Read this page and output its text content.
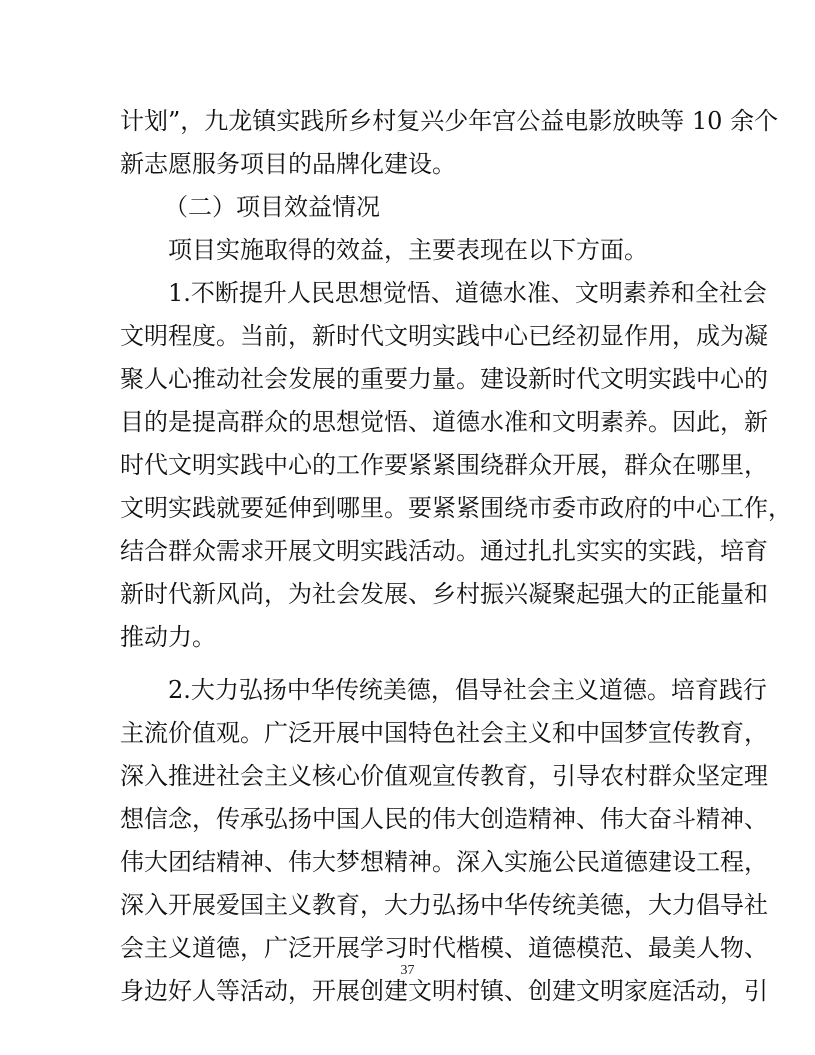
计划”，九龙镇实践所乡村复兴少年宫公益电影放映等 10 余个
新志愿服务项目的品牌化建设。
（二）项目效益情况
项目实施取得的效益，主要表现在以下方面。
1.不断提升人民思想觉悟、道德水准、文明素养和全社会
文明程度。当前，新时代文明实践中心已经初显作用，成为凝
聚人心推动社会发展的重要力量。建设新时代文明实践中心的
目的是提高群众的思想觉悟、道德水准和文明素养。因此，新
时代文明实践中心的工作要紧紧围绕群众开展，群众在哪里，
文明实践就要延伸到哪里。要紧紧围绕市委市政府的中心工作，
结合群众需求开展文明实践活动。通过扎扎实实的实践，培育
新时代新风尚，为社会发展、乡村振兴凝聚起强大的正能量和
推动力。
2.大力弘扬中华传统美德，倡导社会主义道德。培育践行
主流价值观。广泛开展中国特色社会主义和中国梦宣传教育，
深入推进社会主义核心价值观宣传教育，引导农村群众坚定理
想信念，传承弘扬中国人民的伟大创造精神、伟大奋斗精神、
伟大团结精神、伟大梦想精神。深入实施公民道德建设工程，
深入开展爱国主义教育，大力弘扬中华传统美德，大力倡导社
会主义道德，广泛开展学习时代楷模、道德模范、最美人物、
身边好人等活动，开展创建文明村镇、创建文明家庭活动，引
37
